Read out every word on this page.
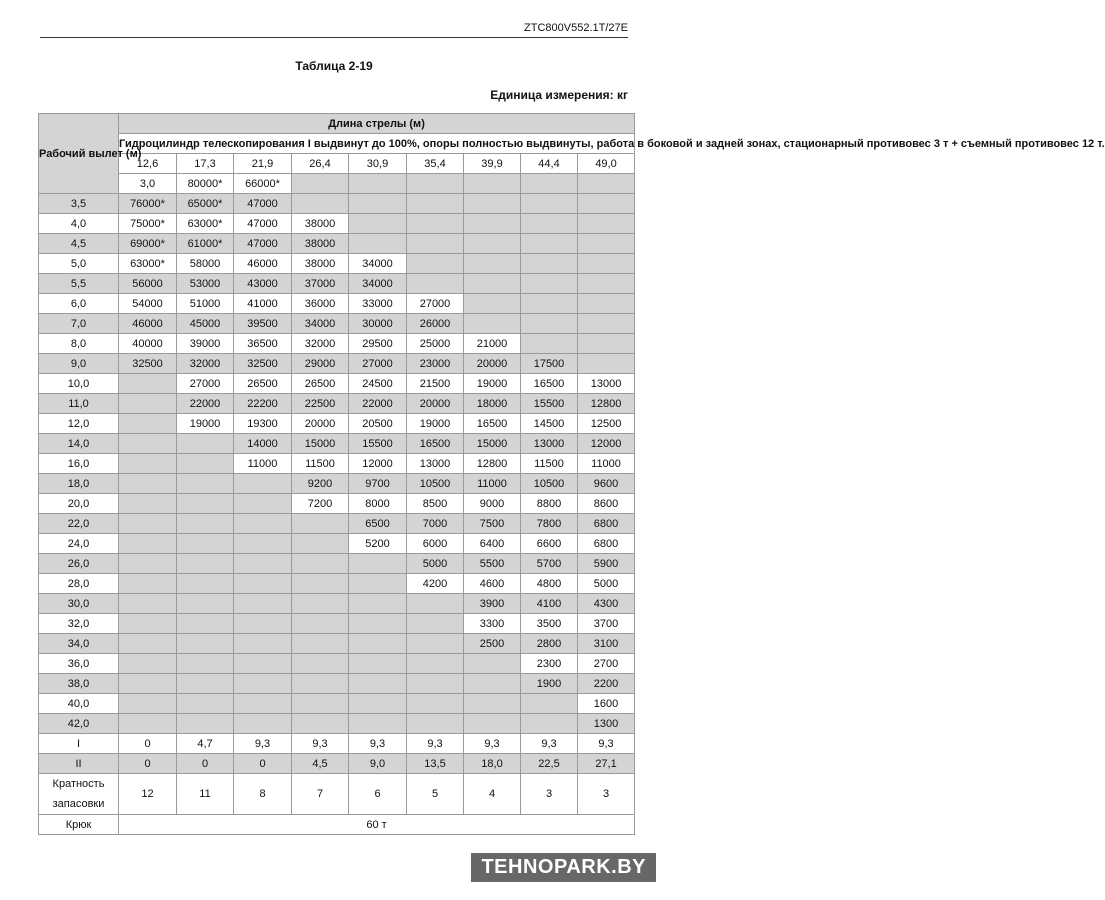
ZTC800V552.1T/27E
Таблица 2-19
Единица измерения: кг
Рабочий вылет (м)	Длина стрелы (м)									
	Гидроцилиндр телескопирования I выдвинут до 100%, опоры полностью выдвинуты, работа в боковой и задней зонах, стационарный противовес 3 т + съемный противовес 12 т.									
	12,6	17,3	21,9	26,4	30,9	35,4	39,9	44,4	49,0	
	3,0	80000*	66000*							
3,5	76000*	65000*	47000							
4,0	75000*	63000*	47000	38000						
4,5	69000*	61000*	47000	38000						
5,0	63000*	58000	46000	38000	34000					
5,5	56000	53000	43000	37000	34000					
6,0	54000	51000	41000	36000	33000	27000				
7,0	46000	45000	39500	34000	30000	26000				
8,0	40000	39000	36500	32000	29500	25000	21000			
9,0	32500	32000	32500	29000	27000	23000	20000	17500		
10,0		27000	26500	26500	24500	21500	19000	16500	13000	
11,0		22000	22200	22500	22000	20000	18000	15500	12800	
12,0		19000	19300	20000	20500	19000	16500	14500	12500	
14,0			14000	15000	15500	16500	15000	13000	12000	
16,0			11000	11500	12000	13000	12800	11500	11000	
18,0				9200	9700	10500	11000	10500	9600	
20,0				7200	8000	8500	9000	8800	8600	
22,0					6500	7000	7500	7800	6800	
24,0					5200	6000	6400	6600	6800	
26,0						5000	5500	5700	5900	
28,0						4200	4600	4800	5000	
30,0							3900	4100	4300	
32,0							3300	3500	3700	
34,0							2500	2800	3100	
36,0								2300	2700	
38,0								1900	2200	
40,0									1600	
42,0									1300	
I	0	4,7	9,3	9,3	9,3	9,3	9,3	9,3	9,3	
II	0	0	0	4,5	9,0	13,5	18,0	22,5	27,1	
Кратность запасовки	12	11	8	7	6	5	4	3	3	
Крюк	60 т									
TEHNOPARK.BY
